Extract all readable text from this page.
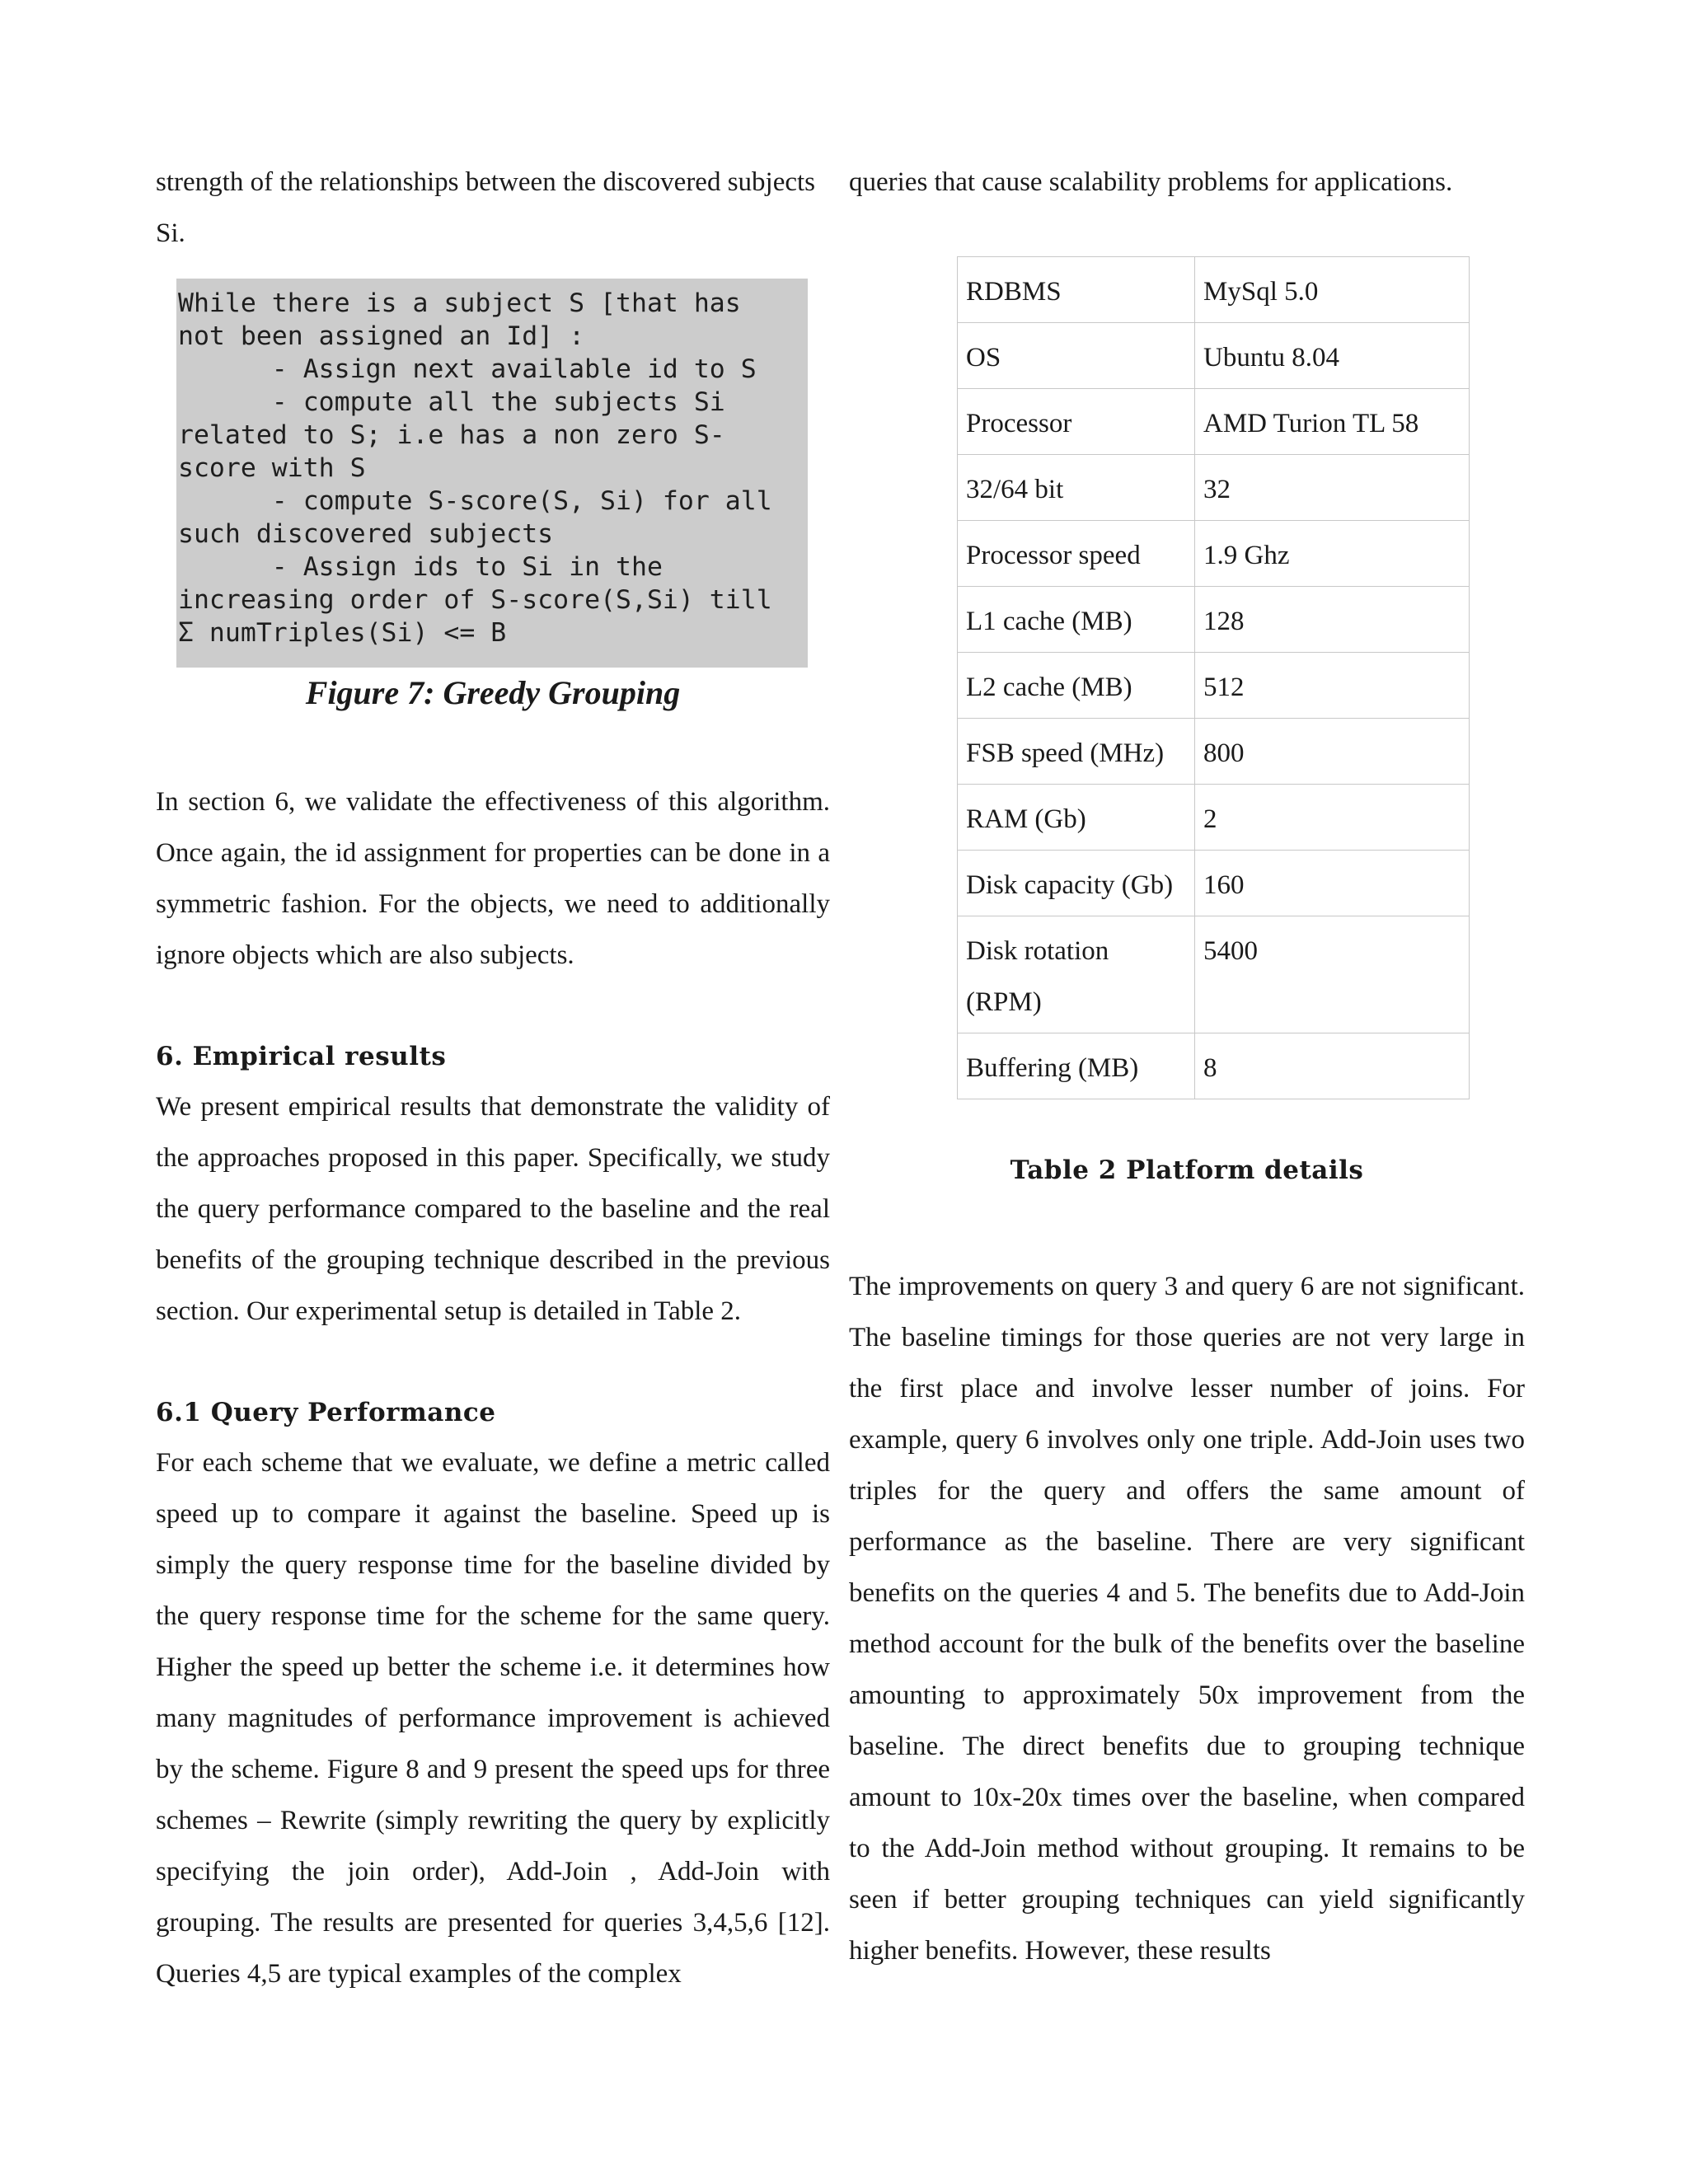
strength of the relationships between the discovered subjects Si.

While there is a subject S [that has
not been assigned an Id] :
- Assign next available id to S
- compute all the subjects Si
related to S; i.e has a non zero S-
score with S
- compute S-score(S, Si) for all
such discovered subjects
- Assign ids to Si in the
increasing order of S-score(S,Si) till
Σ numTriples(Si) <= B

Figure 7: Greedy Grouping

In section 6, we validate the effectiveness of this algorithm. Once again, the id assignment for properties can be done in a symmetric fashion. For the objects, we need to additionally ignore objects which are also subjects.

6. Empirical results

We present empirical results that demonstrate the validity of the approaches proposed in this paper. Specifically, we study the query performance compared to the baseline and the real benefits of the grouping technique described in the previous section. Our experimental setup is detailed in Table 2.

6.1 Query Performance

For each scheme that we evaluate, we define a metric called speed up to compare it against the baseline. Speed up is simply the query response time for the baseline divided by the query response time for the scheme for the same query. Higher the speed up better the scheme i.e. it determines how many magnitudes of performance improvement is achieved by the scheme. Figure 8 and 9 present the speed ups for three schemes – Rewrite (simply rewriting the query by explicitly specifying the join order), Add-Join , Add-Join with grouping. The results are presented for queries 3,4,5,6 [12]. Queries 4,5 are typical examples of the complex

queries that cause scalability problems for applications.

RDBMS	MySql 5.0

OS	Ubuntu 8.04

Processor	AMD Turion TL 58

32/64 bit	32

Processor speed	1.9 Ghz

L1 cache (MB)	128

L2 cache (MB)	512

FSB speed (MHz)	800

RAM (Gb)	2

Disk capacity (Gb)	160

Disk rotation (RPM)	5400

Buffering (MB)	8
Table 2 Platform details

The improvements on query 3 and query 6 are not significant. The baseline timings for those queries are not very large in the first place and involve lesser number of joins. For example, query 6 involves only one triple. Add-Join uses two triples for the query and offers the same amount of performance as the baseline. There are very significant benefits on the queries 4 and 5. The benefits due to Add-Join method account for the bulk of the benefits over the baseline amounting to approximately 50x improvement from the baseline. The direct benefits due to grouping technique amount to 10x-20x times over the baseline, when compared to the Add-Join method without grouping. It remains to be seen if better grouping techniques can yield significantly higher benefits. However, these results
